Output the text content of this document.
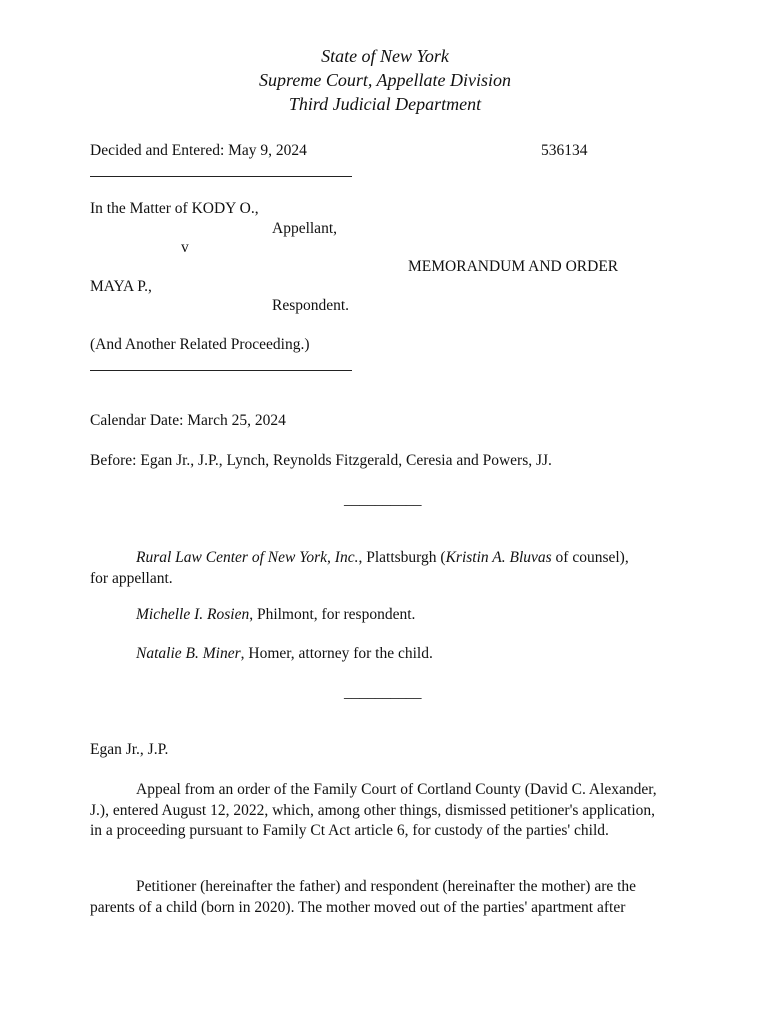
State of New York
Supreme Court, Appellate Division
Third Judicial Department
Decided and Entered: May 9, 2024	536134
In the Matter of KODY O.,
Appellant,
v
MEMORANDUM AND ORDER
MAYA P.,
Respondent.
(And Another Related Proceeding.)
Calendar Date: March 25, 2024
Before: Egan Jr., J.P., Lynch, Reynolds Fitzgerald, Ceresia and Powers, JJ.
__________
Rural Law Center of New York, Inc., Plattsburgh (Kristin A. Bluvas of counsel),
for appellant.
Michelle I. Rosien, Philmont, for respondent.
Natalie B. Miner, Homer, attorney for the child.
__________
Egan Jr., J.P.
Appeal from an order of the Family Court of Cortland County (David C. Alexander, J.), entered August 12, 2022, which, among other things, dismissed petitioner's application, in a proceeding pursuant to Family Ct Act article 6, for custody of the parties' child.
Petitioner (hereinafter the father) and respondent (hereinafter the mother) are the parents of a child (born in 2020). The mother moved out of the parties' apartment after
